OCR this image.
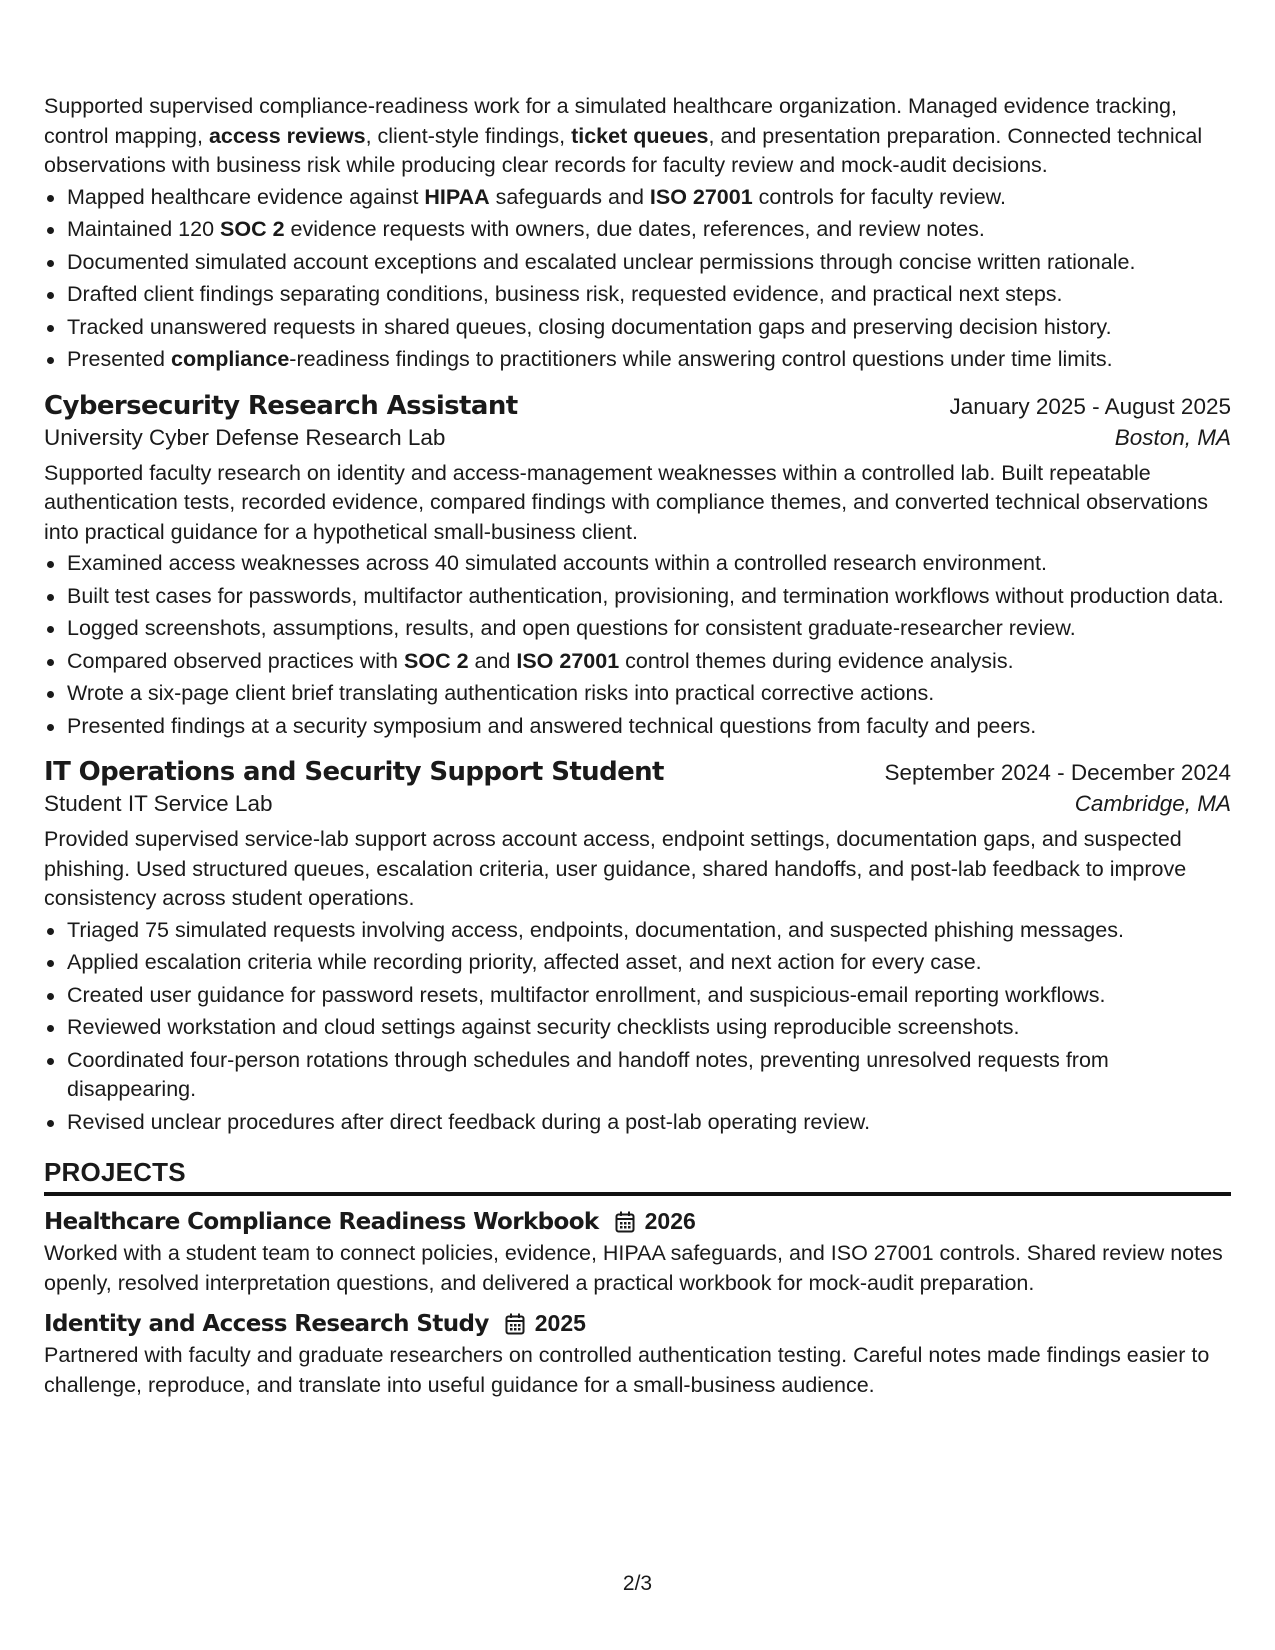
Supported supervised compliance-readiness work for a simulated healthcare organization. Managed evidence tracking, control mapping, access reviews, client-style findings, ticket queues, and presentation preparation. Connected technical observations with business risk while producing clear records for faculty review and mock-audit decisions.

Mapped healthcare evidence against HIPAA safeguards and ISO 27001 controls for faculty review.
Maintained 120 SOC 2 evidence requests with owners, due dates, references, and review notes.
Documented simulated account exceptions and escalated unclear permissions through concise written rationale.
Drafted client findings separating conditions, business risk, requested evidence, and practical next steps.
Tracked unanswered requests in shared queues, closing documentation gaps and preserving decision history.
Presented compliance-readiness findings to practitioners while answering control questions under time limits.
Cybersecurity Research Assistant	January 2025 - August 2025
University Cyber Defense Research Lab	Boston, MA

Supported faculty research on identity and access-management weaknesses within a controlled lab. Built repeatable authentication tests, recorded evidence, compared findings with compliance themes, and converted technical observations into practical guidance for a hypothetical small-business client.

Examined access weaknesses across 40 simulated accounts within a controlled research environment.
Built test cases for passwords, multifactor authentication, provisioning, and termination workflows without production data.
Logged screenshots, assumptions, results, and open questions for consistent graduate-researcher review.
Compared observed practices with SOC 2 and ISO 27001 control themes during evidence analysis.
Wrote a six-page client brief translating authentication risks into practical corrective actions.
Presented findings at a security symposium and answered technical questions from faculty and peers.
IT Operations and Security Support Student	September 2024 - December 2024
Student IT Service Lab	Cambridge, MA

Provided supervised service-lab support across account access, endpoint settings, documentation gaps, and suspected phishing. Used structured queues, escalation criteria, user guidance, shared handoffs, and post-lab feedback to improve consistency across student operations.

Triaged 75 simulated requests involving access, endpoints, documentation, and suspected phishing messages.
Applied escalation criteria while recording priority, affected asset, and next action for every case.
Created user guidance for password resets, multifactor enrollment, and suspicious-email reporting workflows.
Reviewed workstation and cloud settings against security checklists using reproducible screenshots.
Coordinated four-person rotations through schedules and handoff notes, preventing unresolved requests from disappearing.
Revised unclear procedures after direct feedback during a post-lab operating review.
PROJECTS
Healthcare Compliance Readiness Workbook 2026

Worked with a student team to connect policies, evidence, HIPAA safeguards, and ISO 27001 controls. Shared review notes openly, resolved interpretation questions, and delivered a practical workbook for mock-audit preparation.

Identity and Access Research Study 2025

Partnered with faculty and graduate researchers on controlled authentication testing. Careful notes made findings easier to challenge, reproduce, and translate into useful guidance for a small-business audience.

2/3
